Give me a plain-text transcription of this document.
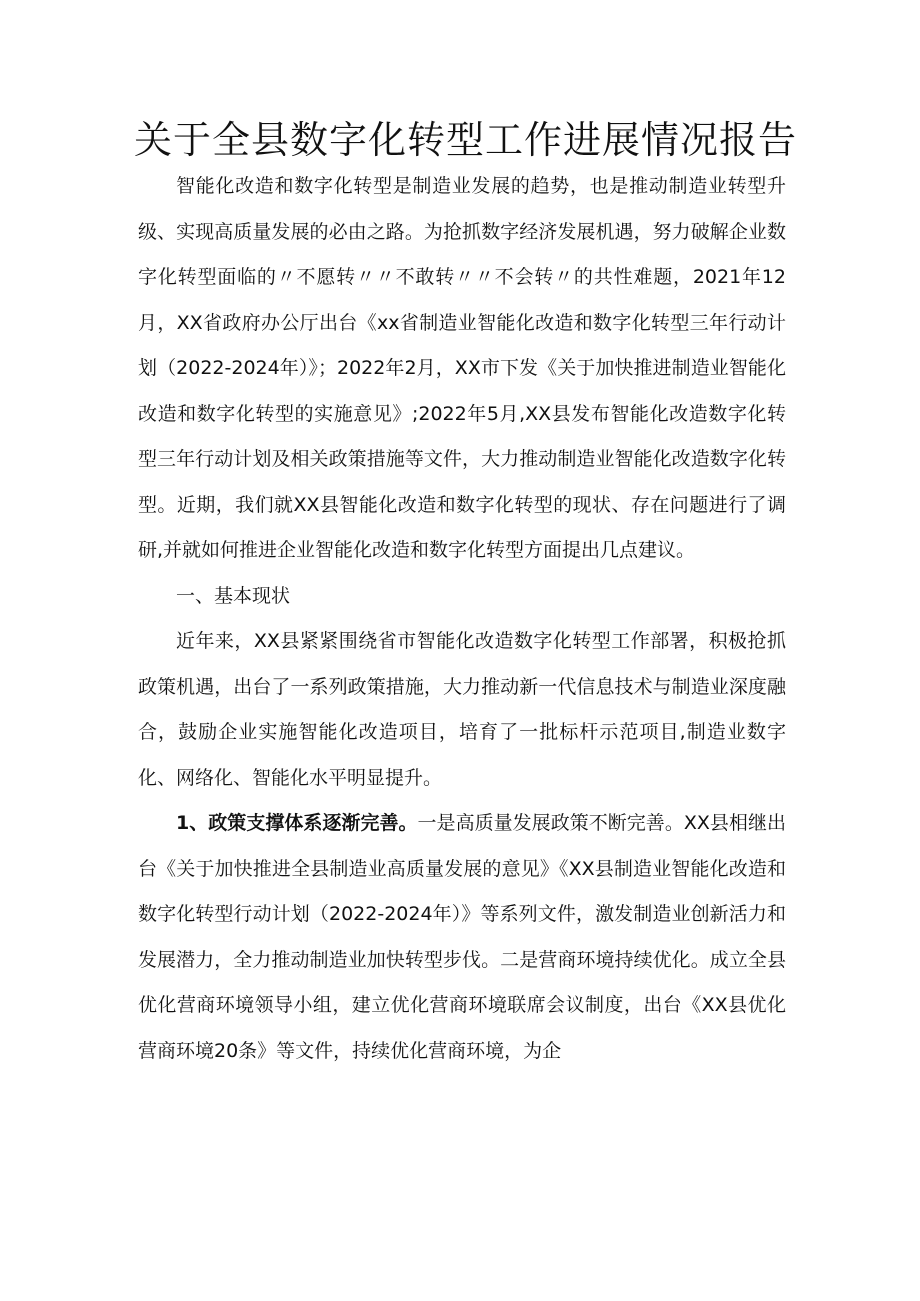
关于全县数字化转型工作进展情况报告

智能化改造和数字化转型是制造业发展的趋势，也是推动制造业转型升级、实现高质量发展的必由之路。为抢抓数字经济发展机遇，努力破解企业数字化转型面临的〃不愿转〃〃不敢转〃〃不会转〃的共性难题，2021年12月，XX省政府办公厅出台《xx省制造业智能化改造和数字化转型三年行动计划（2022-2024年）》；2022年2月，XX市下发《关于加快推进制造业智能化改造和数字化转型的实施意见》;2022年5月,XX县发布智能化改造数字化转型三年行动计划及相关政策措施等文件，大力推动制造业智能化改造数字化转型。近期，我们就XX县智能化改造和数字化转型的现状、存在问题进行了调研,并就如何推进企业智能化改造和数字化转型方面提出几点建议。

一、基本现状

近年来，XX县紧紧围绕省市智能化改造数字化转型工作部署，积极抢抓政策机遇，出台了一系列政策措施，大力推动新一代信息技术与制造业深度融合，鼓励企业实施智能化改造项目，培育了一批标杆示范项目,制造业数字化、网络化、智能化水平明显提升。

1、政策支撑体系逐渐完善。一是高质量发展政策不断完善。XX县相继出台《关于加快推进全县制造业高质量发展的意见》《XX县制造业智能化改造和数字化转型行动计划（2022-2024年）》等系列文件，激发制造业创新活力和发展潜力，全力推动制造业加快转型步伐。二是营商环境持续优化。成立全县优化营商环境领导小组，建立优化营商环境联席会议制度，出台《XX县优化营商环境20条》等文件，持续优化营商环境，为企
